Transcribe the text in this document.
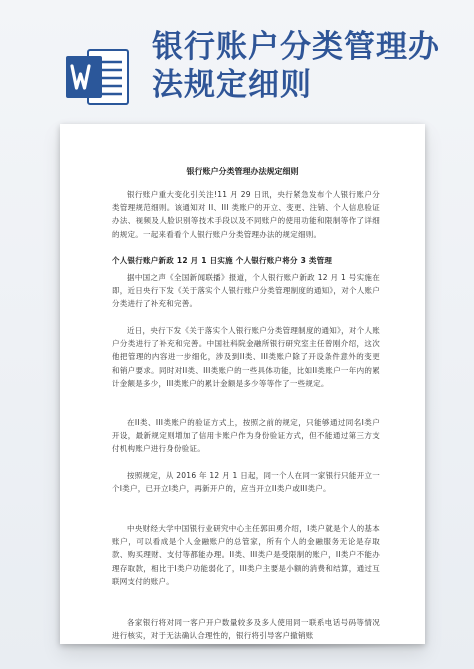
银行账户分类管理办法规定细则
银行账户分类管理办法规定细则

银行账户重大变化引关注!11 月 29 日讯，央行紧急发布个人银行账户分类管理规范细则。该通知对 II、III 类账户的开立、变更、注销、个人信息验证办法、视频及人脸识别等技术手段以及不同账户的使用功能和限制等作了详细的规定。一起来看看个人银行账户分类管理办法的规定细则。

个人银行账户新政 12 月 1 日实施 个人银行账户将分 3 类管理

据中国之声《全国新闻联播》报道，个人银行账户新政 12 月 1 号实施在即，近日央行下发《关于落实个人银行账户分类管理制度的通知》，对个人账户分类进行了补充和完善。

近日，央行下发《关于落实个人银行账户分类管理制度的通知》，对个人账户分类进行了补充和完善。中国社科院金融所银行研究室主任曾刚介绍，这次他把管理的内容进一步细化，涉及到II类、III类账户除了开设条件意外的变更和销户要求。同时对II类、III类账户的一些具体功能，比如II类账户一年内的累计金额是多少，III类账户的累计金额是多少等等作了一些规定。

在II类、III类账户的验证方式上，按照之前的规定，只能够通过同名I类户开设，最新规定则增加了信用卡账户作为身份验证方式，但不能通过第三方支付机构账户进行身份验证。

按照规定，从 2016 年 12 月 1 日起，同一个人在同一家银行只能开立一个I类户，已开立I类户，再新开户的，应当开立II类户或III类户。

中央财经大学中国银行业研究中心主任郭田勇介绍，I类户就是个人的基本账户，可以看成是个人金融账户的总管家，所有个人的金融服务无论是存取款、购买理财、支付等都能办理。II类、III类户是受限制的账户，II类户不能办理存取款，相比于I类户功能弱化了，III类户主要是小额的消费和结算，通过互联网支付的账户。

各家银行将对同一客户开户数量较多及多人使用同一联系电话号码等情况进行核实，对于无法确认合理性的，银行将引导客户撤销账
